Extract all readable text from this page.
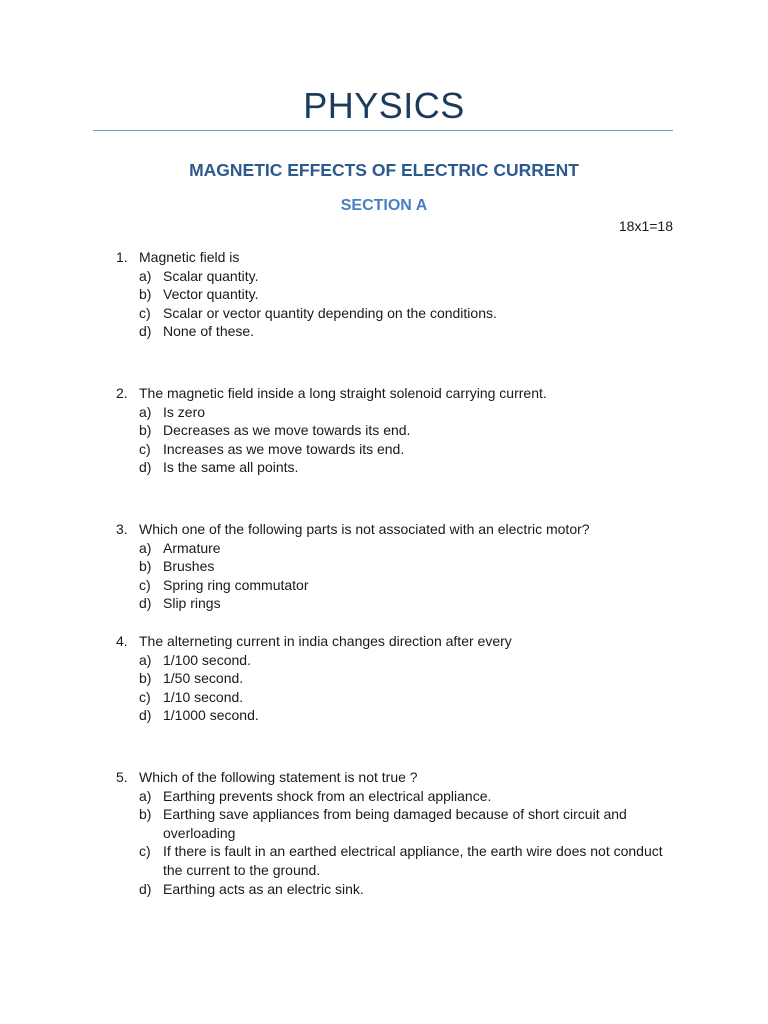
PHYSICS
MAGNETIC EFFECTS OF ELECTRIC CURRENT
SECTION A
18x1=18
1. Magnetic field is
a) Scalar quantity.
b) Vector quantity.
c) Scalar or vector quantity depending on the conditions.
d) None of these.
2. The magnetic field inside a long straight solenoid carrying current.
a) Is zero
b) Decreases as we move towards its end.
c) Increases as we move towards its end.
d) Is the same all points.
3. Which one of the following parts is not associated with an electric motor?
a) Armature
b) Brushes
c) Spring ring commutator
d) Slip rings
4. The alterneting current in india changes direction after every
a) 1/100 second.
b) 1/50 second.
c) 1/10 second.
d) 1/1000 second.
5. Which of the following statement is not true ?
a) Earthing prevents shock from an electrical appliance.
b) Earthing save appliances from being damaged because of short circuit and overloading
c) If there is fault in an earthed electrical appliance, the earth wire does not conduct the current to the ground.
d) Earthing acts as an electric sink.
